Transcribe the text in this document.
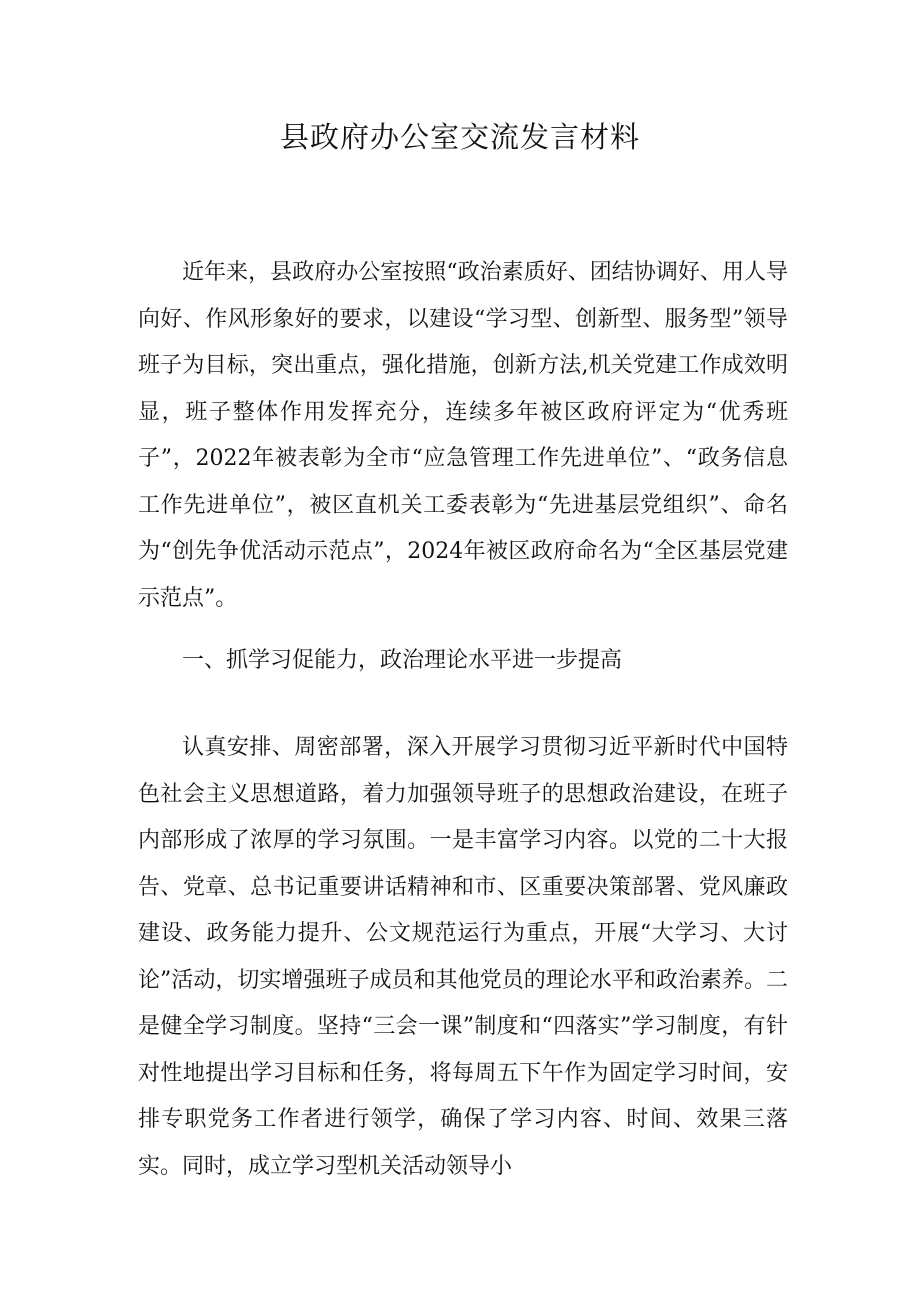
县政府办公室交流发言材料

近年来，县政府办公室按照“政治素质好、团结协调好、用人导向好、作风形象好的要求，以建设“学习型、创新型、服务型”领导班子为目标，突出重点，强化措施，创新方法,机关党建工作成效明显，班子整体作用发挥充分，连续多年被区政府评定为“优秀班子”，2022年被表彰为全市“应急管理工作先进单位”、“政务信息工作先进单位”，被区直机关工委表彰为“先进基层党组织”、命名为“创先争优活动示范点”，2024年被区政府命名为“全区基层党建示范点”。

一、抓学习促能力，政治理论水平进一步提高

认真安排、周密部署，深入开展学习贯彻习近平新时代中国特色社会主义思想道路，着力加强领导班子的思想政治建设，在班子内部形成了浓厚的学习氛围。一是丰富学习内容。以党的二十大报告、党章、总书记重要讲话精神和市、区重要决策部署、党风廉政建设、政务能力提升、公文规范运行为重点，开展“大学习、大讨论”活动，切实增强班子成员和其他党员的理论水平和政治素养。二是健全学习制度。坚持“三会一课”制度和“四落实”学习制度，有针对性地提出学习目标和任务，将每周五下午作为固定学习时间，安排专职党务工作者进行领学，确保了学习内容、时间、效果三落实。同时，成立学习型机关活动领导小
